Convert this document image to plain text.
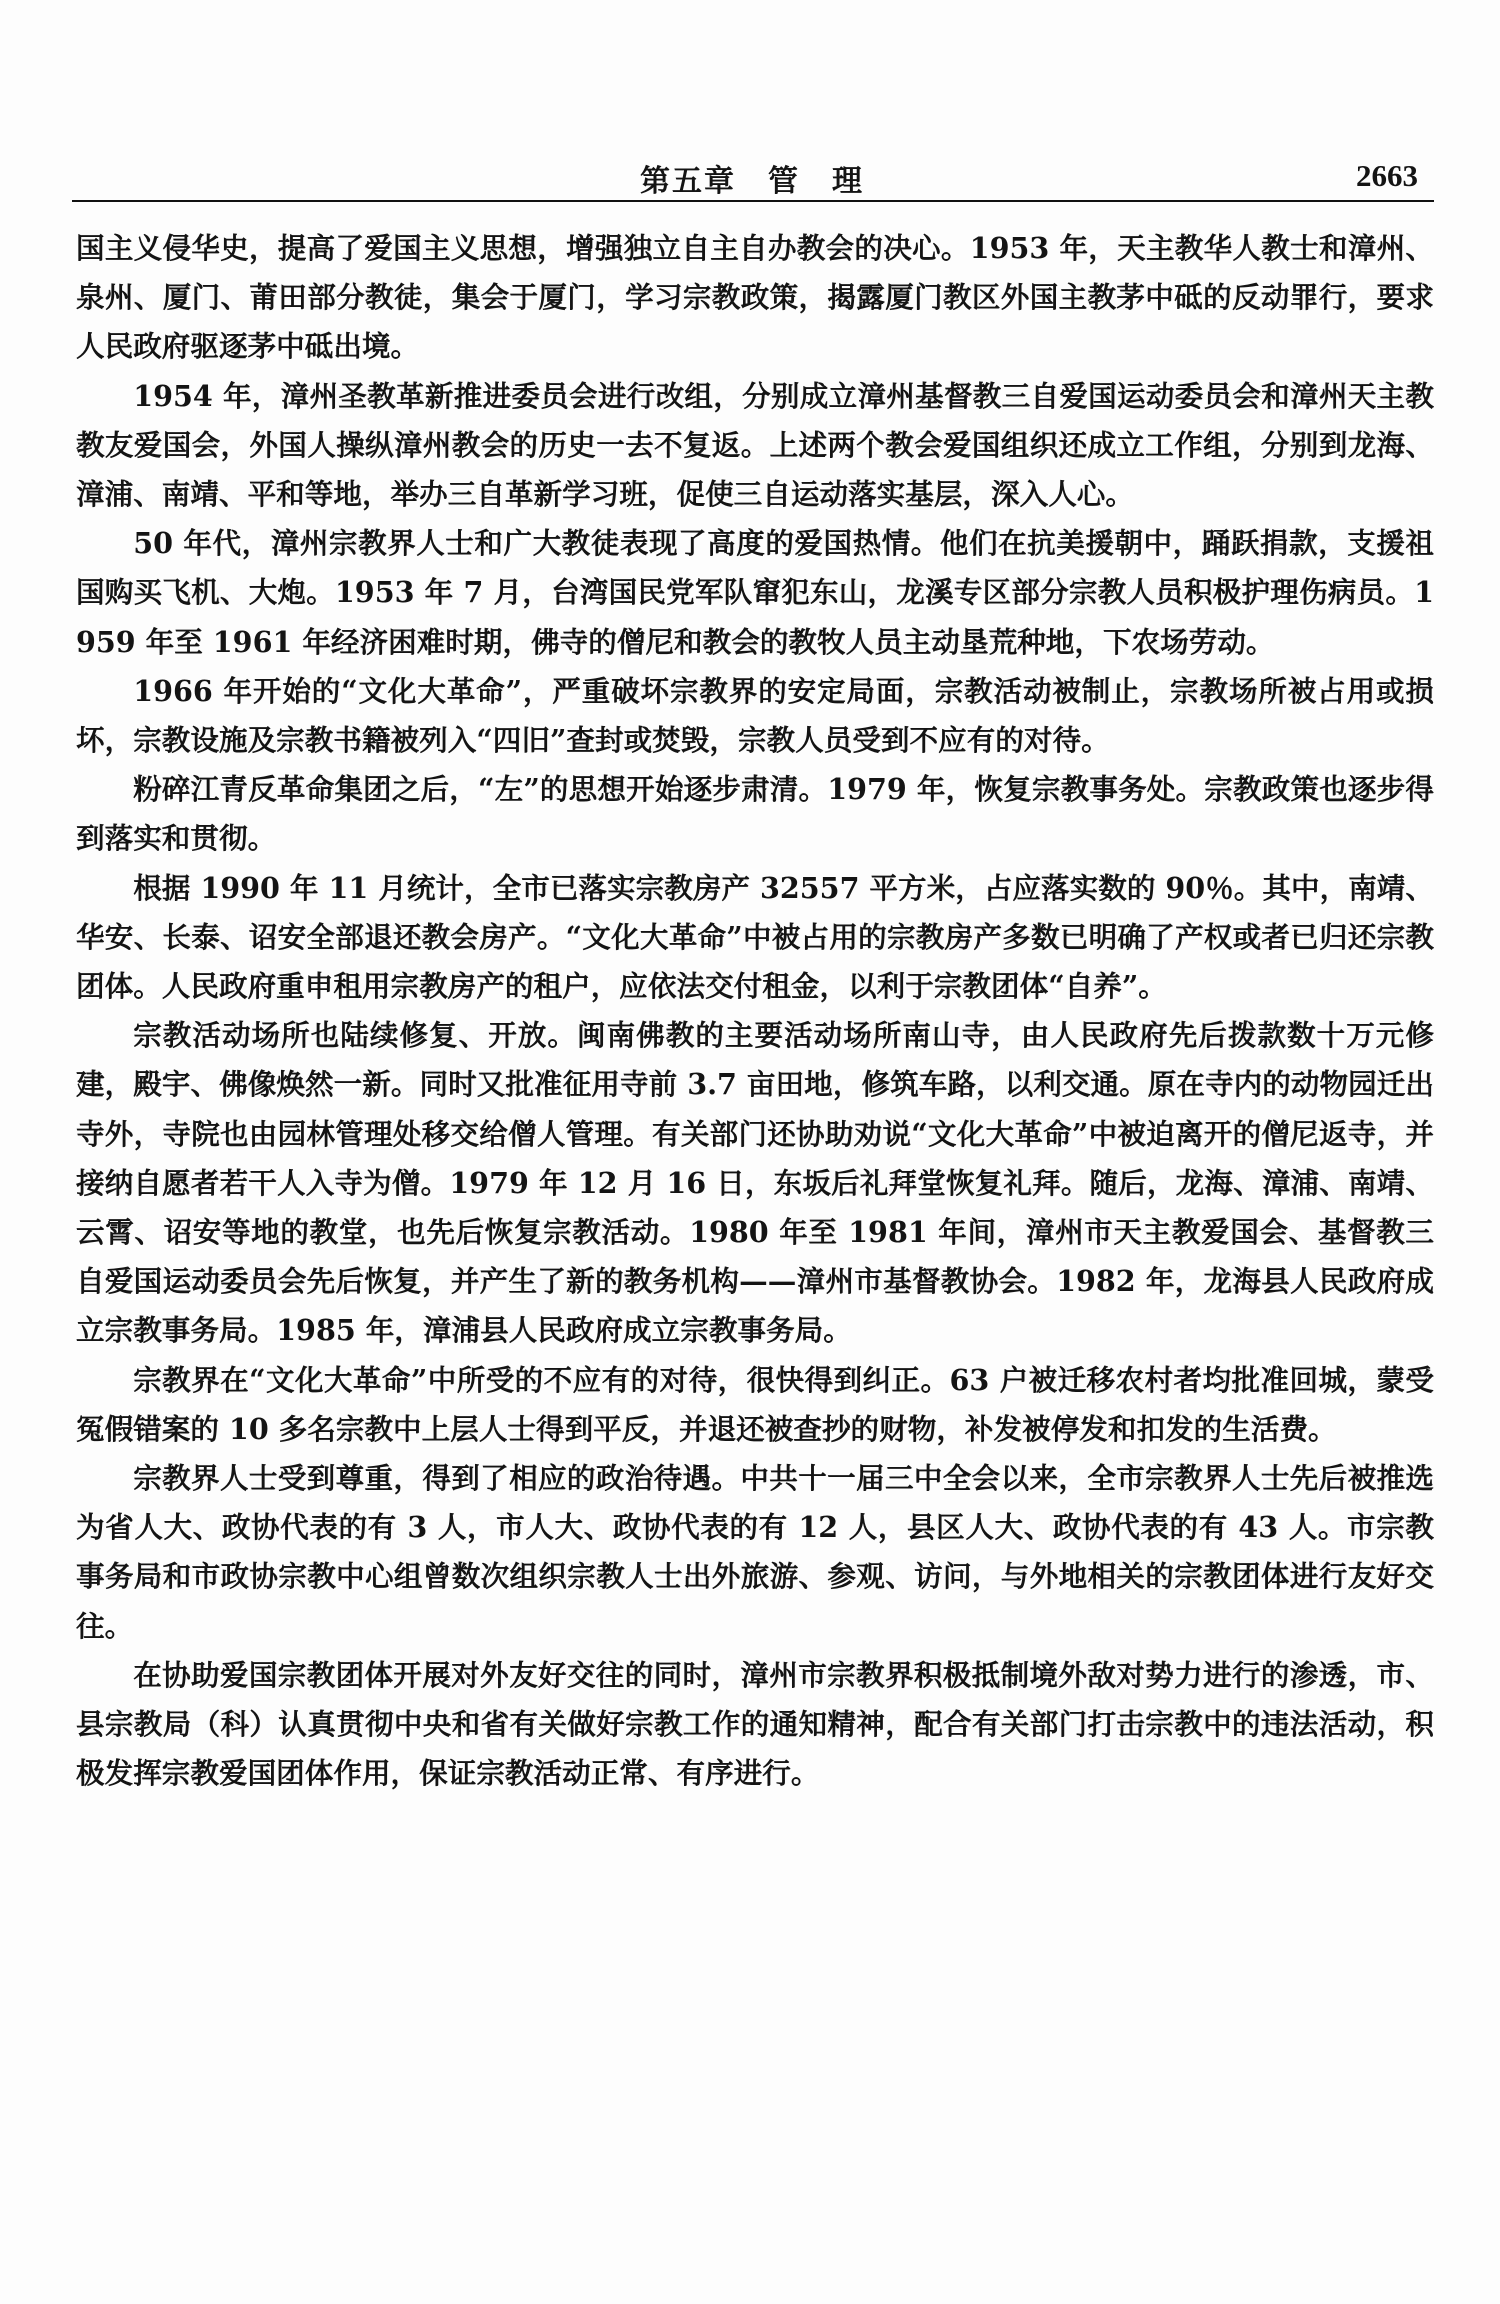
第五章　管　理	2663

国主义侵华史，提高了爱国主义思想，增强独立自主自办教会的决心。1953 年，天主教华人教士和漳州、泉州、厦门、莆田部分教徒，集会于厦门，学习宗教政策，揭露厦门教区外国主教茅中砥的反动罪行，要求人民政府驱逐茅中砥出境。

1954 年，漳州圣教革新推进委员会进行改组，分别成立漳州基督教三自爱国运动委员会和漳州天主教教友爱国会，外国人操纵漳州教会的历史一去不复返。上述两个教会爱国组织还成立工作组，分别到龙海、漳浦、南靖、平和等地，举办三自革新学习班，促使三自运动落实基层，深入人心。

50 年代，漳州宗教界人士和广大教徒表现了高度的爱国热情。他们在抗美援朝中，踊跃捐款，支援祖国购买飞机、大炮。1953 年 7 月，台湾国民党军队窜犯东山，龙溪专区部分宗教人员积极护理伤病员。1959 年至 1961 年经济困难时期，佛寺的僧尼和教会的教牧人员主动垦荒种地，下农场劳动。

1966 年开始的“文化大革命”，严重破坏宗教界的安定局面，宗教活动被制止，宗教场所被占用或损坏，宗教设施及宗教书籍被列入“四旧”查封或焚毁，宗教人员受到不应有的对待。

粉碎江青反革命集团之后，“左”的思想开始逐步肃清。1979 年，恢复宗教事务处。宗教政策也逐步得到落实和贯彻。

根据 1990 年 11 月统计，全市已落实宗教房产 32557 平方米，占应落实数的 90％。其中，南靖、华安、长泰、诏安全部退还教会房产。“文化大革命”中被占用的宗教房产多数已明确了产权或者已归还宗教团体。人民政府重申租用宗教房产的租户，应依法交付租金，以利于宗教团体“自养”。

宗教活动场所也陆续修复、开放。闽南佛教的主要活动场所南山寺，由人民政府先后拨款数十万元修建，殿宇、佛像焕然一新。同时又批准征用寺前 3.7 亩田地，修筑车路，以利交通。原在寺内的动物园迁出寺外，寺院也由园林管理处移交给僧人管理。有关部门还协助劝说“文化大革命”中被迫离开的僧尼返寺，并接纳自愿者若干人入寺为僧。1979 年 12 月 16 日，东坂后礼拜堂恢复礼拜。随后，龙海、漳浦、南靖、云霄、诏安等地的教堂，也先后恢复宗教活动。1980 年至 1981 年间，漳州市天主教爱国会、基督教三自爱国运动委员会先后恢复，并产生了新的教务机构——漳州市基督教协会。1982 年，龙海县人民政府成立宗教事务局。1985 年，漳浦县人民政府成立宗教事务局。

宗教界在“文化大革命”中所受的不应有的对待，很快得到纠正。63 户被迁移农村者均批准回城，蒙受冤假错案的 10 多名宗教中上层人士得到平反，并退还被查抄的财物，补发被停发和扣发的生活费。

宗教界人士受到尊重，得到了相应的政治待遇。中共十一届三中全会以来，全市宗教界人士先后被推选为省人大、政协代表的有 3 人，市人大、政协代表的有 12 人，县区人大、政协代表的有 43 人。市宗教事务局和市政协宗教中心组曾数次组织宗教人士出外旅游、参观、访问，与外地相关的宗教团体进行友好交往。

在协助爱国宗教团体开展对外友好交往的同时，漳州市宗教界积极抵制境外敌对势力进行的渗透，市、县宗教局（科）认真贯彻中央和省有关做好宗教工作的通知精神，配合有关部门打击宗教中的违法活动，积极发挥宗教爱国团体作用，保证宗教活动正常、有序进行。
